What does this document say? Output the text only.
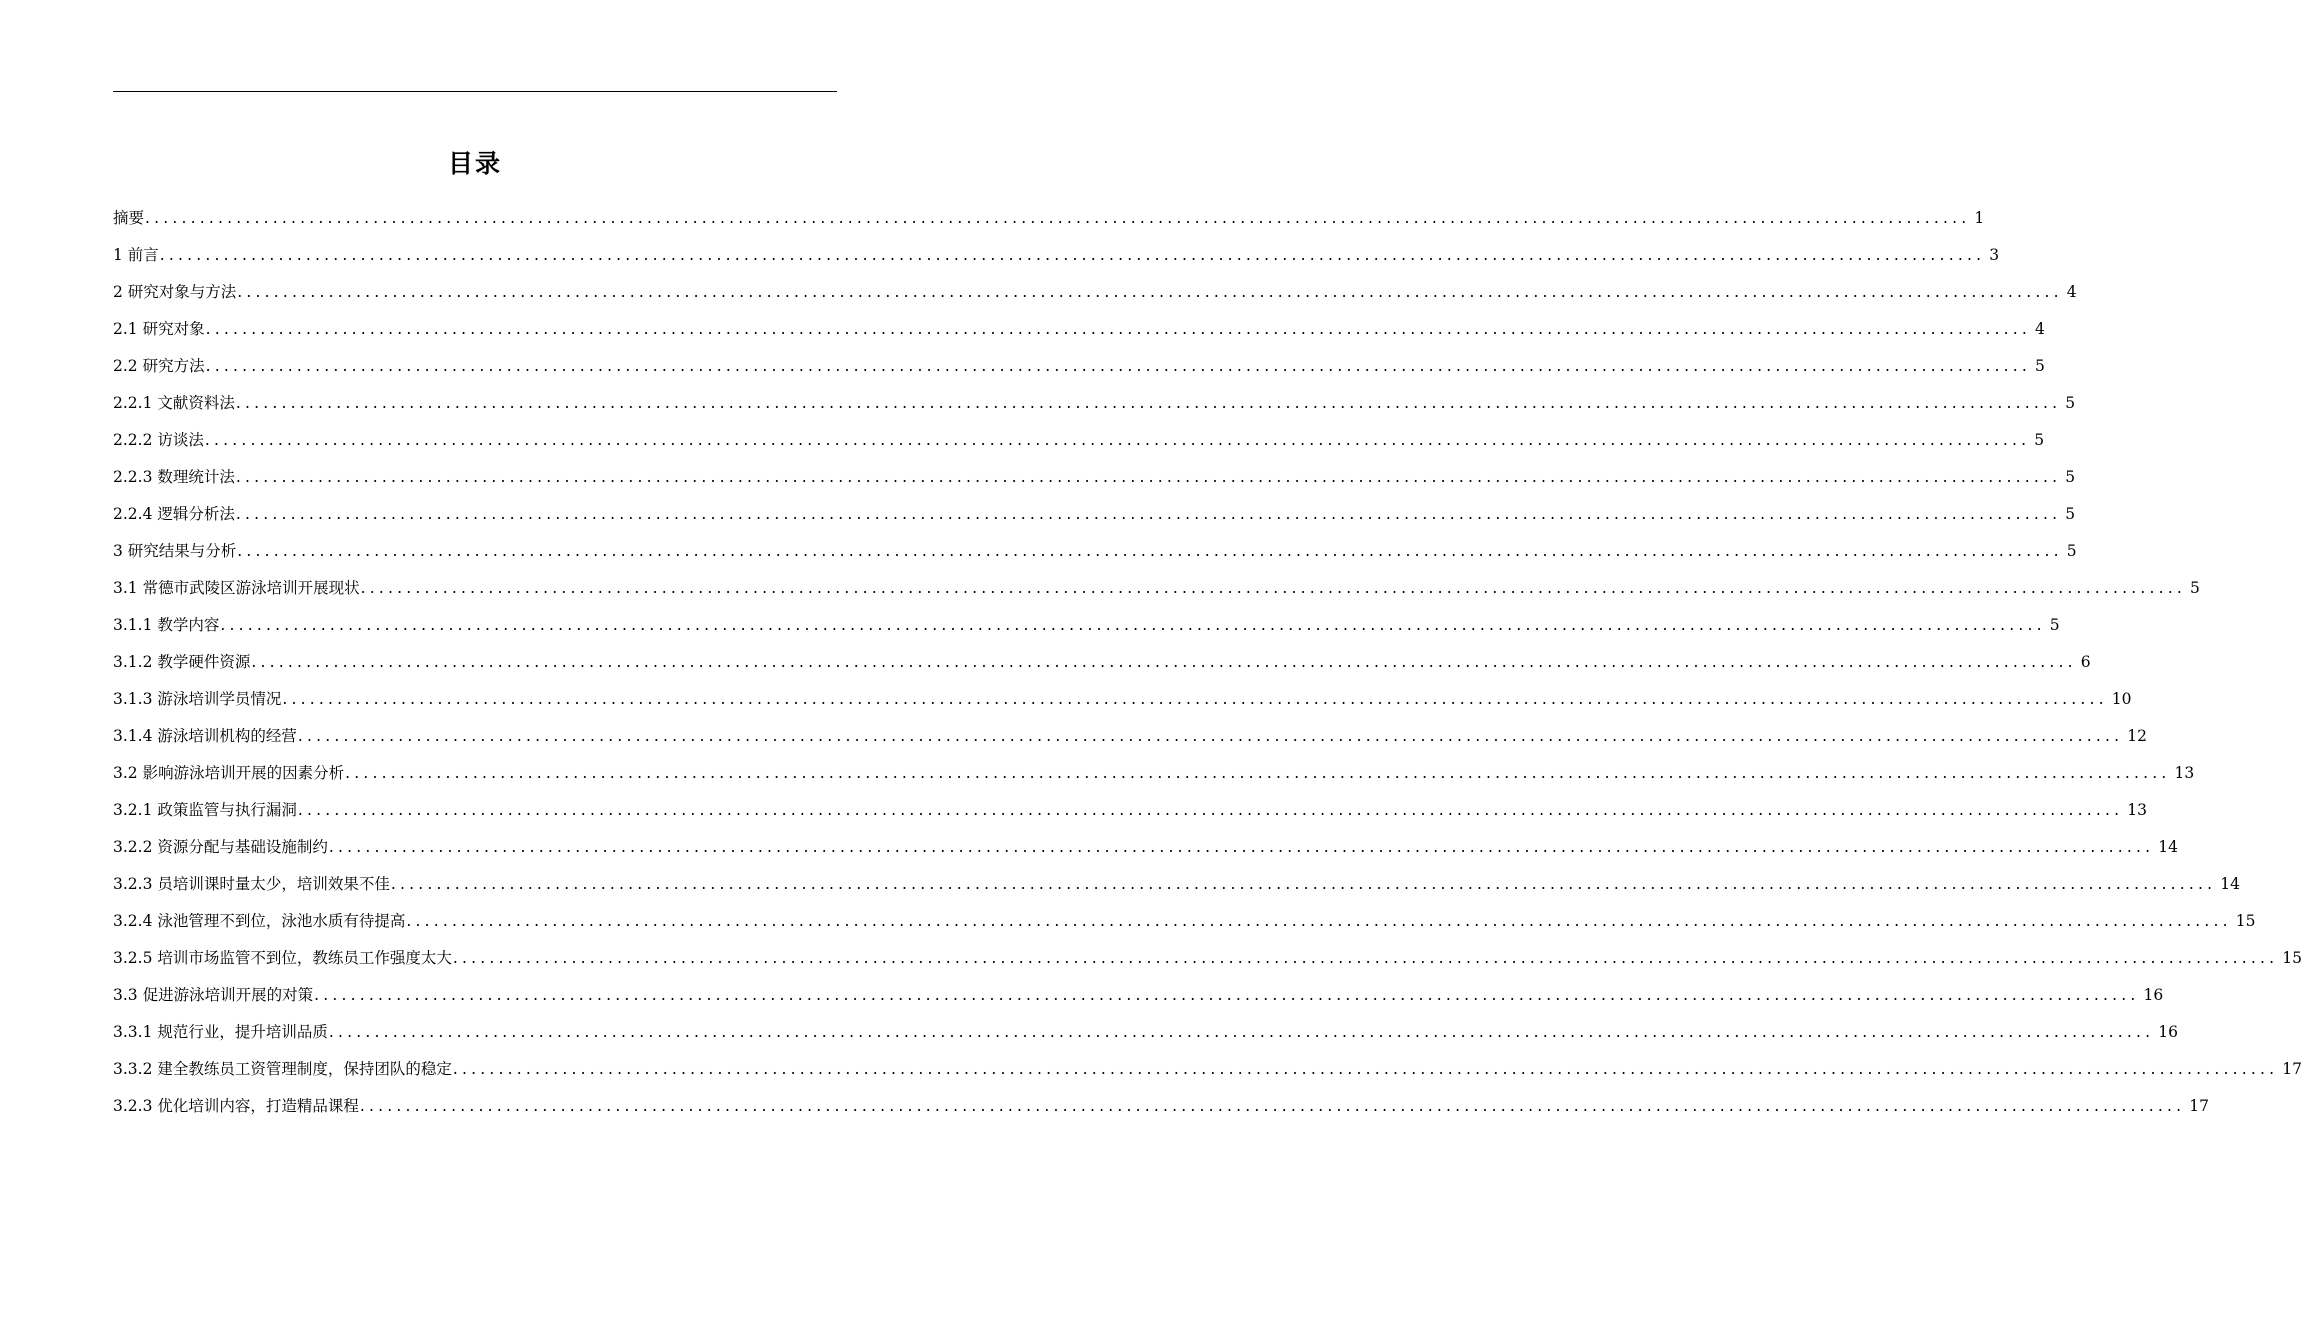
目录
摘要 ........................................................................................................................................................................................................ 1
1 前言 ........................................................................................................................................................................................................ 3
2 研究对象与方法 ........................................................................................................................................................................................................ 4
2.1 研究对象 ........................................................................................................................................................................................................ 4
2.2 研究方法 ........................................................................................................................................................................................................ 5
2.2.1 文献资料法 ........................................................................................................................................................................................................ 5
2.2.2 访谈法 ........................................................................................................................................................................................................ 5
2.2.3 数理统计法 ........................................................................................................................................................................................................ 5
2.2.4 逻辑分析法 ........................................................................................................................................................................................................ 5
3 研究结果与分析 ........................................................................................................................................................................................................ 5
3.1 常德市武陵区游泳培训开展现状 ........................................................................................................................................................................................................ 5
3.1.1 教学内容 ........................................................................................................................................................................................................ 5
3.1.2 教学硬件资源 ........................................................................................................................................................................................................ 6
3.1.3 游泳培训学员情况 ........................................................................................................................................................................................................ 10
3.1.4 游泳培训机构的经营 ........................................................................................................................................................................................................ 12
3.2 影响游泳培训开展的因素分析 ........................................................................................................................................................................................................ 13
3.2.1 政策监管与执行漏洞 ........................................................................................................................................................................................................ 13
3.2.2 资源分配与基础设施制约 ........................................................................................................................................................................................................ 14
3.2.3 员培训课时量太少，培训效果不佳 ........................................................................................................................................................................................................ 14
3.2.4 泳池管理不到位，泳池水质有待提高 ........................................................................................................................................................................................................ 15
3.2.5 培训市场监管不到位，教练员工作强度太大 ........................................................................................................................................................................................................ 15
3.3 促进游泳培训开展的对策 ........................................................................................................................................................................................................ 16
3.3.1 规范行业，提升培训品质 ........................................................................................................................................................................................................ 16
3.3.2 建全教练员工资管理制度，保持团队的稳定 ........................................................................................................................................................................................................ 17
3.2.3 优化培训内容，打造精品课程 ........................................................................................................................................................................................................ 17
